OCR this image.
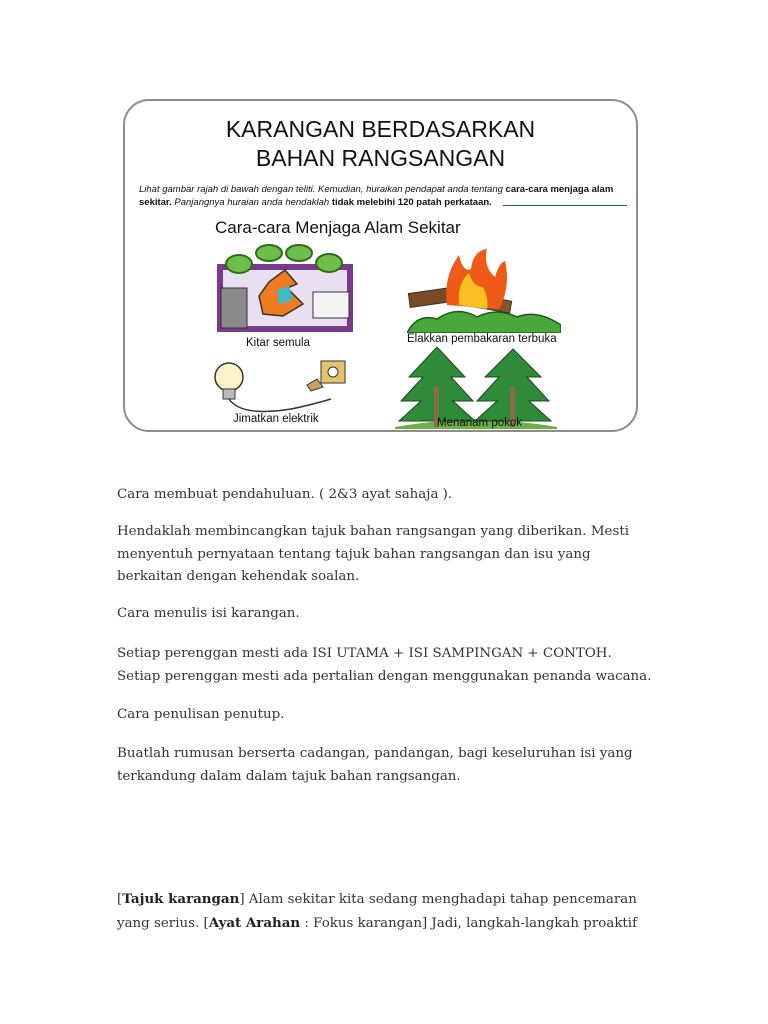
KARANGAN BERDASARKAN
BAHAN RANGSANGAN
Lihat gambar rajah di bawah dengan teliti. Kemudian, huraikan pendapat anda tentang cara-cara menjaga alam sekitar. Panjangnya huraian anda hendaklah tidak melebihi 120 patah perkataan.
Cara-cara Menjaga Alam Sekitar
Kitar semula	Elakkan pembakaran terbuka
Jimatkan elektrik	Menanam pokok

Cara membuat pendahuluan. ( 2&3 ayat sahaja ).

Hendaklah membincangkan tajuk bahan rangsangan yang diberikan. Mesti

menyentuh pernyataan tentang tajuk bahan rangsangan dan isu yang

berkaitan dengan kehendak soalan.

Cara menulis isi karangan.

Setiap perenggan mesti ada ISI UTAMA + ISI SAMPINGAN + CONTOH.

Setiap perenggan mesti ada pertalian dengan menggunakan penanda wacana.

Cara penulisan penutup.

Buatlah rumusan berserta cadangan, pandangan, bagi keseluruhan isi yang

terkandung dalam dalam tajuk bahan rangsangan.

[Tajuk karangan] Alam sekitar kita sedang menghadapi tahap pencemaran

yang serius. [Ayat Arahan : Fokus karangan] Jadi, langkah-langkah proaktif
